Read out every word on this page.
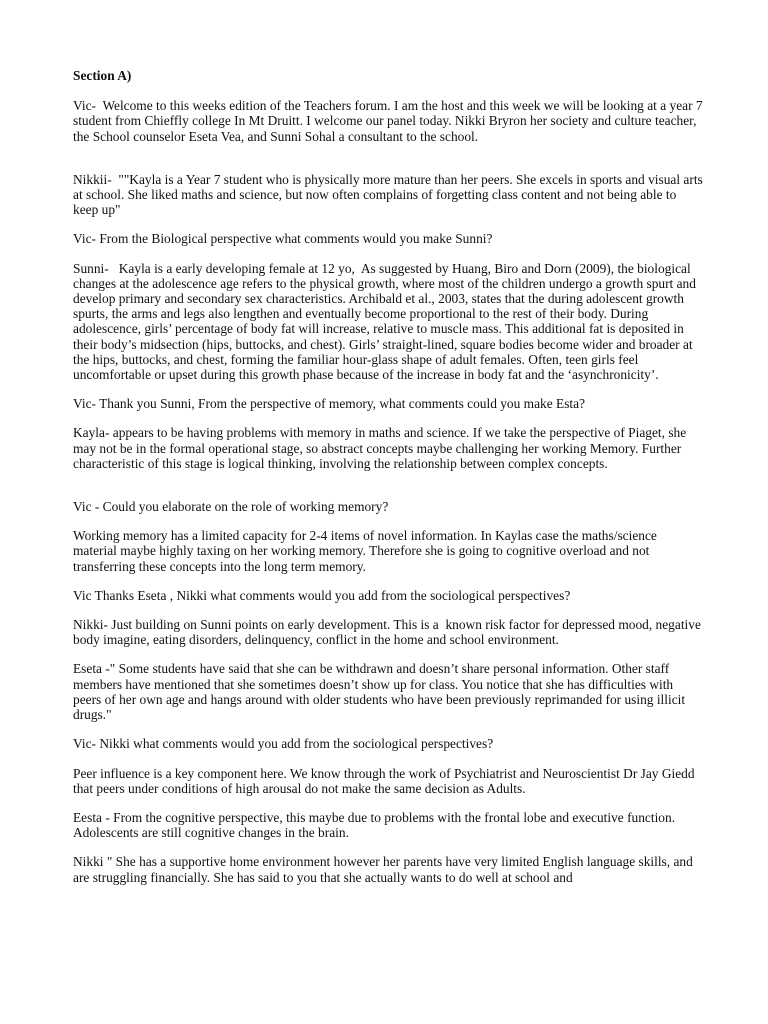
Section A)

Vic-  Welcome to this weeks edition of the Teachers forum. I am the host and this week we will be looking at a year 7 student from Chieffly college In Mt Druitt. I welcome our panel today. Nikki Bryron her society and culture teacher, the School counselor Eseta Vea, and Sunni Sohal a consultant to the school.

Nikkii-  ""Kayla is a Year 7 student who is physically more mature than her peers. She excels in sports and visual arts at school. She liked maths and science, but now often complains of forgetting class content and not being able to keep up"

Vic- From the Biological perspective what comments would you make Sunni?

Sunni-   Kayla is a early developing female at 12 yo,  As suggested by Huang, Biro and Dorn (2009), the biological changes at the adolescence age refers to the physical growth, where most of the children undergo a growth spurt and develop primary and secondary sex characteristics. Archibald et al., 2003, states that the during adolescent growth spurts, the arms and legs also lengthen and eventually become proportional to the rest of their body. During adolescence, girls’ percentage of body fat will increase, relative to muscle mass. This additional fat is deposited in their body’s midsection (hips, buttocks, and chest). Girls’ straight-lined, square bodies become wider and broader at the hips, buttocks, and chest, forming the familiar hour-glass shape of adult females. Often, teen girls feel uncomfortable or upset during this growth phase because of the increase in body fat and the ‘asynchronicity’.

Vic- Thank you Sunni, From the perspective of memory, what comments could you make Esta?

Kayla- appears to be having problems with memory in maths and science. If we take the perspective of Piaget, she may not be in the formal operational stage, so abstract concepts maybe challenging her working Memory. Further characteristic of this stage is logical thinking, involving the relationship between complex concepts.

Vic - Could you elaborate on the role of working memory?

Working memory has a limited capacity for 2-4 items of novel information. In Kaylas case the maths/science material maybe highly taxing on her working memory. Therefore she is going to cognitive overload and not transferring these concepts into the long term memory.

Vic Thanks Eseta , Nikki what comments would you add from the sociological perspectives?

Nikki- Just building on Sunni points on early development. This is a  known risk factor for depressed mood, negative body imagine, eating disorders, delinquency, conflict in the home and school environment.

Eseta -" Some students have said that she can be withdrawn and doesn’t share personal information. Other staff members have mentioned that she sometimes doesn’t show up for class. You notice that she has difficulties with peers of her own age and hangs around with older students who have been previously reprimanded for using illicit drugs."

Vic- Nikki what comments would you add from the sociological perspectives?

Peer influence is a key component here. We know through the work of Psychiatrist and Neuroscientist Dr Jay Giedd that peers under conditions of high arousal do not make the same decision as Adults.

Eesta - From the cognitive perspective, this maybe due to problems with the frontal lobe and executive function. Adolescents are still cognitive changes in the brain.

Nikki " She has a supportive home environment however her parents have very limited English language skills, and are struggling financially. She has said to you that she actually wants to do well at school and
